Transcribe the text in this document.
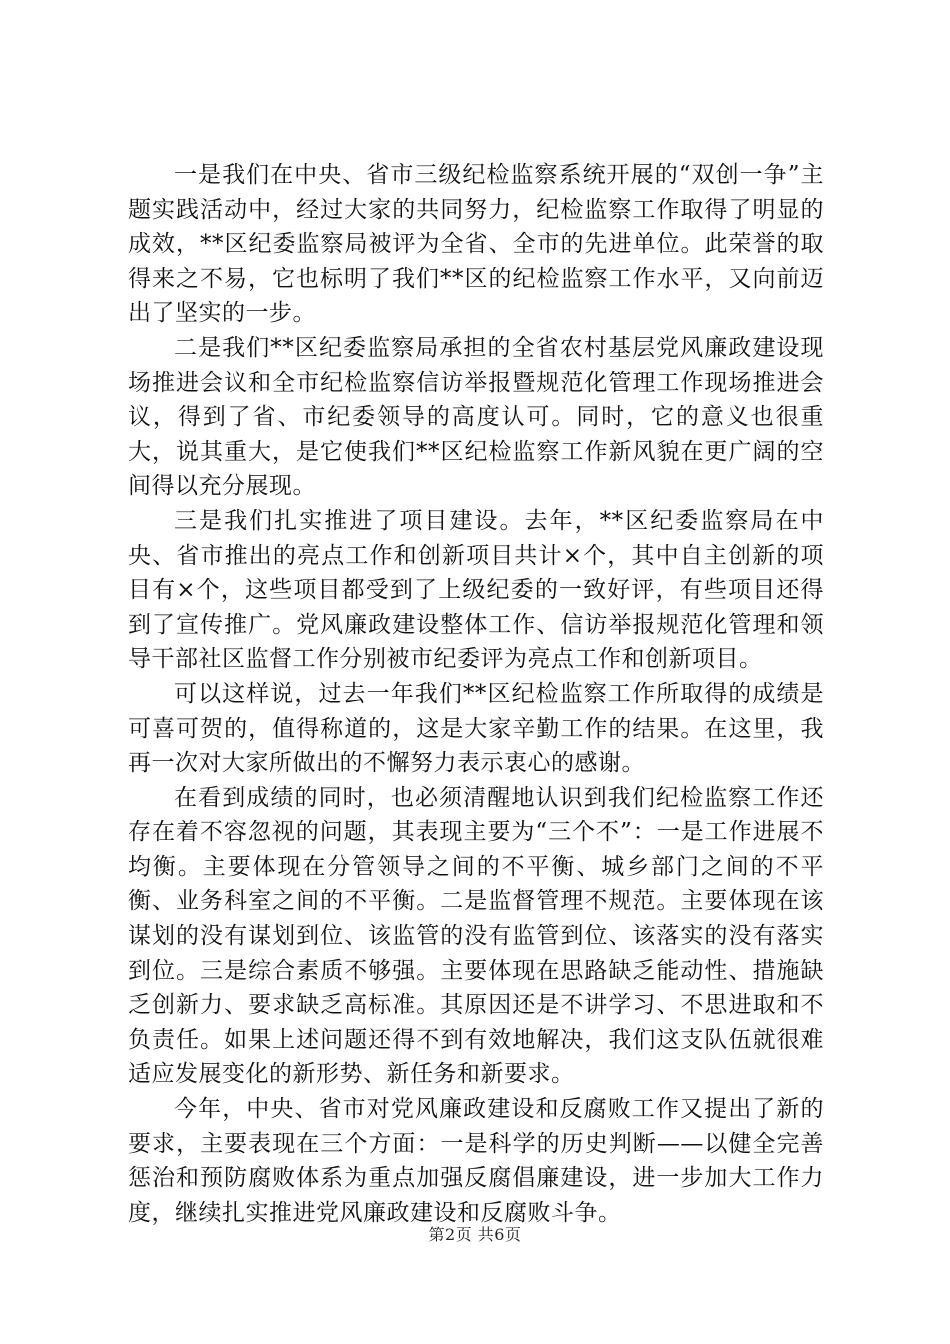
一是我们在中央、省市三级纪检监察系统开展的“双创一争”主题实践活动中，经过大家的共同努力，纪检监察工作取得了明显的成效，**区纪委监察局被评为全省、全市的先进单位。此荣誉的取得来之不易，它也标明了我们**区的纪检监察工作水平，又向前迈出了坚实的一步。

二是我们**区纪委监察局承担的全省农村基层党风廉政建设现场推进会议和全市纪检监察信访举报暨规范化管理工作现场推进会议，得到了省、市纪委领导的高度认可。同时，它的意义也很重大，说其重大，是它使我们**区纪检监察工作新风貌在更广阔的空间得以充分展现。

三是我们扎实推进了项目建设。去年，**区纪委监察局在中央、省市推出的亮点工作和创新项目共计×个，其中自主创新的项目有×个，这些项目都受到了上级纪委的一致好评，有些项目还得到了宣传推广。党风廉政建设整体工作、信访举报规范化管理和领导干部社区监督工作分别被市纪委评为亮点工作和创新项目。

可以这样说，过去一年我们**区纪检监察工作所取得的成绩是可喜可贺的，值得称道的，这是大家辛勤工作的结果。在这里，我再一次对大家所做出的不懈努力表示衷心的感谢。

在看到成绩的同时，也必须清醒地认识到我们纪检监察工作还存在着不容忽视的问题，其表现主要为“三个不”：一是工作进展不均衡。主要体现在分管领导之间的不平衡、城乡部门之间的不平衡、业务科室之间的不平衡。二是监督管理不规范。主要体现在该谋划的没有谋划到位、该监管的没有监管到位、该落实的没有落实到位。三是综合素质不够强。主要体现在思路缺乏能动性、措施缺乏创新力、要求缺乏高标准。其原因还是不讲学习、不思进取和不负责任。如果上述问题还得不到有效地解决，我们这支队伍就很难适应发展变化的新形势、新任务和新要求。

今年，中央、省市对党风廉政建设和反腐败工作又提出了新的要求，主要表现在三个方面：一是科学的历史判断——以健全完善惩治和预防腐败体系为重点加强反腐倡廉建设，进一步加大工作力度，继续扎实推进党风廉政建设和反腐败斗争。

第2页 共6页
